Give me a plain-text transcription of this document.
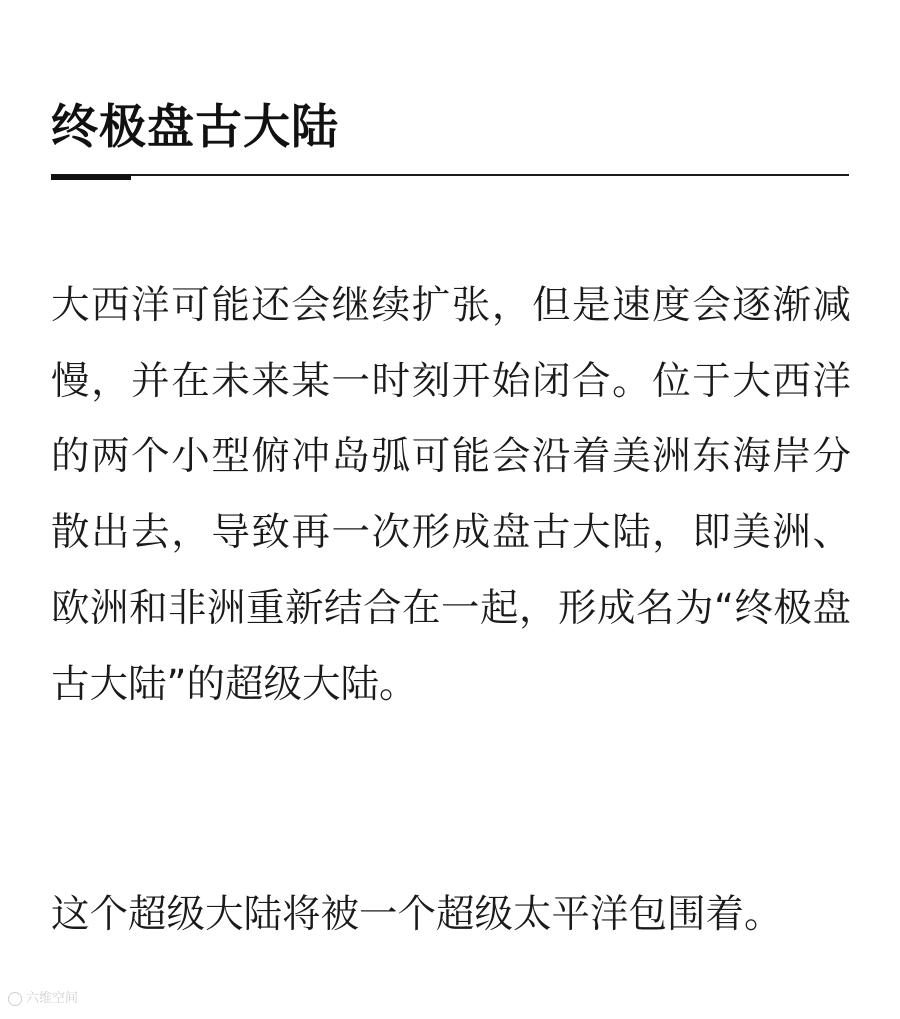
终极盘古大陆
大西洋可能还会继续扩张，但是速度会逐渐减慢，并在未来某一时刻开始闭合。位于大西洋的两个小型俯冲岛弧可能会沿着美洲东海岸分散出去，导致再一次形成盘古大陆，即美洲、欧洲和非洲重新结合在一起，形成名为“终极盘古大陆”的超级大陆。
这个超级大陆将被一个超级太平洋包围着。
六维空间
